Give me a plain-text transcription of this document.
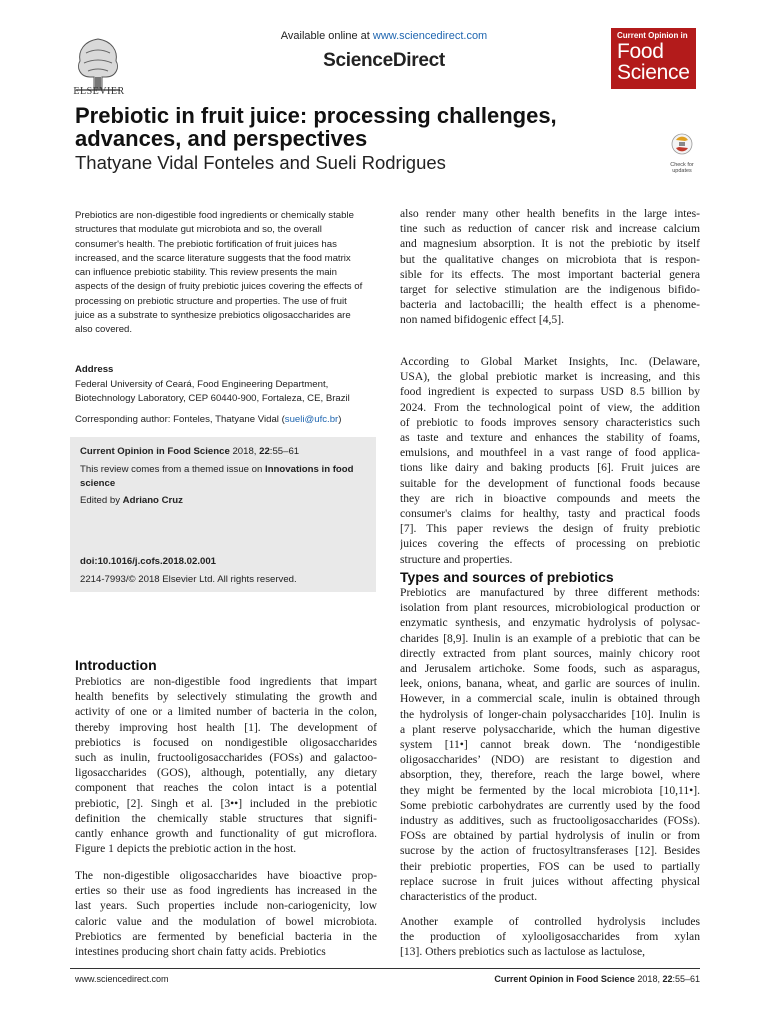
Available online at www.sciencedirect.com
ScienceDirect
ELSEVIER
Current Opinion in
Food
Science
Prebiotic in fruit juice: processing challenges, advances, and perspectives
Thatyane Vidal Fonteles and Sueli Rodrigues	Check for updates
Prebiotics are non-digestible food ingredients or chemically stable structures that modulate gut microbiota and so, the overall consumer's health. The prebiotic fortification of fruit juices has increased, and the scarce literature suggests that the food matrix can influence prebiotic stability. This review presents the main aspects of the design of fruity prebiotic juices covering the effects of processing on prebiotic structure and properties. The use of fruit juice as a substrate to synthesize prebiotics oligosaccharides are also covered.
Address
Federal University of Ceará, Food Engineering Department,
Biotechnology Laboratory, CEP 60440-900, Fortaleza, CE, Brazil
Corresponding author: Fonteles, Thatyane Vidal (sueli@ufc.br)
Current Opinion in Food Science 2018, 22:55–61
This review comes from a themed issue on Innovations in food science
Edited by Adriano Cruz
doi:10.1016/j.cofs.2018.02.001
2214-7993/© 2018 Elsevier Ltd. All rights reserved.
Introduction
Prebiotics are non-digestible food ingredients that impart
health benefits by selectively stimulating the growth and
activity of one or a limited number of bacteria in the colon,
thereby improving host health [1]. The development of
prebiotics is focused on nondigestible oligosaccharides
such as inulin, fructooligosaccharides (FOSs) and galactoo-
ligosaccharides (GOS), although, potentially, any dietary
component that reaches the colon intact is a potential
prebiotic, [2]. Singh et al. [3••] included in the prebiotic
definition the chemically stable structures that signifi-
cantly enhance growth and functionality of gut microflora.
Figure 1 depicts the prebiotic action in the host.
The non-digestible oligosaccharides have bioactive prop-
erties so their use as food ingredients has increased in the
last years. Such properties include non-cariogenicity, low
caloric value and the modulation of bowel microbiota.
Prebiotics are fermented by beneficial bacteria in the
intestines producing short chain fatty acids. Prebiotics
also render many other health benefits in the large intes-
tine such as reduction of cancer risk and increase calcium
and magnesium absorption. It is not the prebiotic by itself
but the qualitative changes on microbiota that is respon-
sible for its effects. The most important bacterial genera
target for selective stimulation are the indigenous bifido-
bacteria and lactobacilli; the health effect is a phenome-
non named bifidogenic effect [4,5].
According to Global Market Insights, Inc. (Delaware,
USA), the global prebiotic market is increasing, and this
food ingredient is expected to surpass USD 8.5 billion by
2024. From the technological point of view, the addition
of prebiotic to foods improves sensory characteristics such
as taste and texture and enhances the stability of foams,
emulsions, and mouthfeel in a vast range of food applica-
tions like dairy and baking products [6]. Fruit juices are
suitable for the development of functional foods because
they are rich in bioactive compounds and meets the
consumer's claims for healthy, tasty and practical foods
[7]. This paper reviews the design of fruity prebiotic
juices covering the effects of processing on prebiotic
structure and properties.
Types and sources of prebiotics
Prebiotics are manufactured by three different methods:
isolation from plant resources, microbiological production or
enzymatic synthesis, and enzymatic hydrolysis of polysac-
charides [8,9]. Inulin is an example of a prebiotic that can be
directly extracted from plant sources, mainly chicory root
and Jerusalem artichoke. Some foods, such as asparagus,
leek, onions, banana, wheat, and garlic are sources of inulin.
However, in a commercial scale, inulin is obtained through
the hydrolysis of longer-chain polysaccharides [10]. Inulin is
a plant reserve polysaccharide, which the human digestive
system [11•] cannot break down. The ‘nondigestible
oligosaccharides’ (NDO) are resistant to digestion and
absorption, they, therefore, reach the large bowel, where
they might be fermented by the local microbiota [10,11•].
Some prebiotic carbohydrates are currently used by the food
industry as additives, such as fructooligosaccharides (FOSs).
FOSs are obtained by partial hydrolysis of inulin or from
sucrose by the action of fructosyltransferases [12]. Besides
their prebiotic properties, FOS can be used to partially
replace sucrose in fruit juices without affecting physical
characteristics of the product.
Another example of controlled hydrolysis includes
the production of xylooligosaccharides from xylan
[13]. Others prebiotics such as lactulose as lactulose,
www.sciencedirect.com	Current Opinion in Food Science 2018, 22:55–61
